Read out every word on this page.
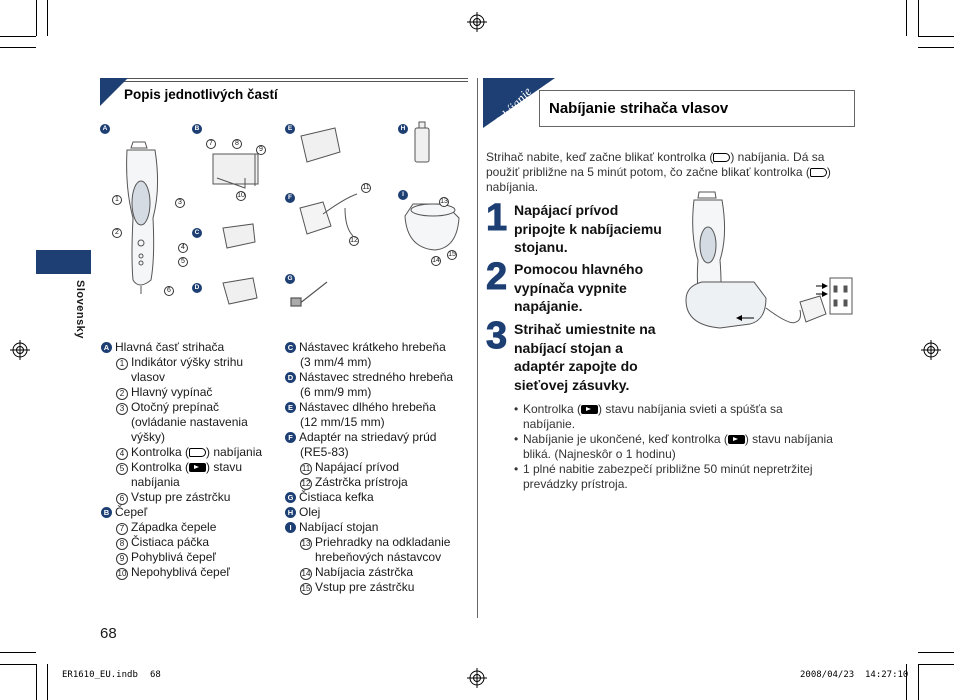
Popis jednotlivých častí
A	B
C
D
E
F
G
H
I
1
2
3
4
5
6
7	8
9
10
11
12
13
14
15
Slovensky
A Hlavná časť strihača
1 Indikátor výšky strihu
vlasov
2 Hlavný vypínač
3 Otočný prepínač
(ovládanie nastavenia
výšky)
4 Kontrolka ( ) nabíjania
5 Kontrolka ( ) stavu
nabíjania
6 Vstup pre zástrčku
B Čepeľ
7 Západka čepele
8 Čistiaca páčka
9 Pohyblivá čepeľ
10 Nepohyblivá čepeľ
C Nástavec krátkeho hrebeňa
(3 mm/4 mm)
D Nástavec stredného hrebeňa
(6 mm/9 mm)
E Nástavec dlhého hrebeňa
(12 mm/15 mm)
F Adaptér na striedavý prúd
(RE5-83)
11 Napájací prívod
12 Zástrčka prístroja
G Čistiaca kefka
H Olej
I Nabíjací stojan
13 Priehradky na odkladanie
hrebeňových nástavcov
14 Nabíjacia zástrčka
15 Vstup pre zástrčku
Nabíjanie Nabíjanie strihača vlasov
Strihač nabite, keď začne blikať kontrolka ( ) nabíjania. Dá sa
použiť približne na 5 minút potom, čo začne blikať kontrolka ( )
nabíjania.
1 Napájací prívod
pripojte k nabíjaciemu
stojanu.
2 Pomocou hlavného
vypínača vypnite
napájanie.
3 Strihač umiestnite na
nabíjací stojan a
adaptér zapojte do
sieťovej zásuvky.
• Kontrolka ( ) stavu nabíjania svieti a spúšťa sa
nabíjanie.
• Nabíjanie je ukončené, keď kontrolka ( ) stavu nabíjania
bliká. (Najneskôr o 1 hodinu)
• 1 plné nabitie zabezpečí približne 50 minút nepretržitej
prevádzky prístroja.
68
ER1610_EU.indb 68	2008/04/23 14:27:10
